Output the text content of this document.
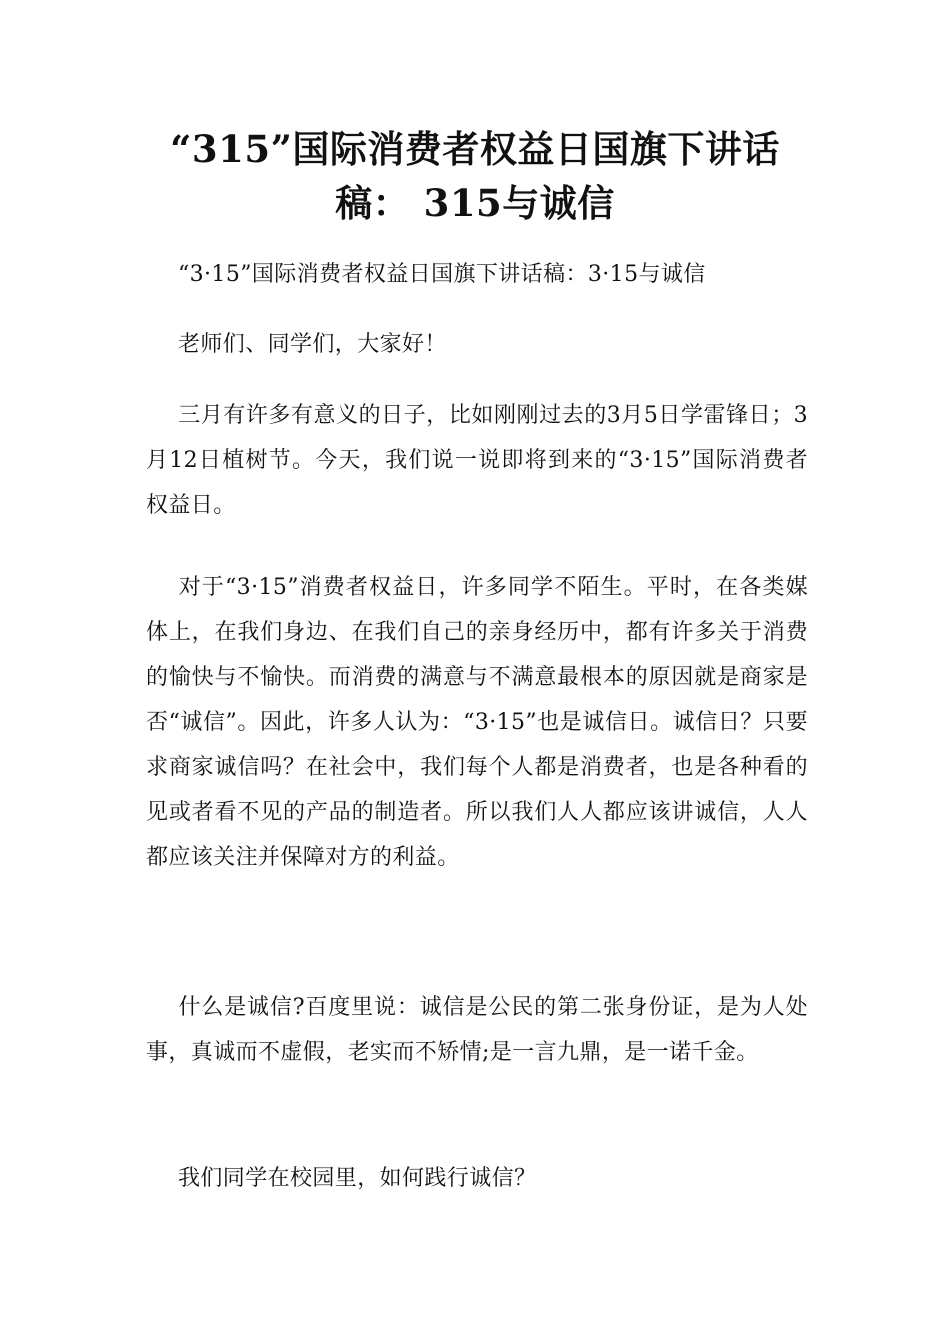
“315”国际消费者权益日国旗下讲话稿： 315与诚信
“3·15”国际消费者权益日国旗下讲话稿：3·15与诚信
老师们、同学们，大家好！
三月有许多有意义的日子，比如刚刚过去的3月5日学雷锋日；3月12日植树节。今天，我们说一说即将到来的“3·15”国际消费者权益日。
对于“3·15”消费者权益日，许多同学不陌生。平时，在各类媒体上，在我们身边、在我们自己的亲身经历中，都有许多关于消费的愉快与不愉快。而消费的满意与不满意最根本的原因就是商家是否“诚信”。因此，许多人认为：“3·15”也是诚信日。诚信日？只要求商家诚信吗？在社会中，我们每个人都是消费者，也是各种看的见或者看不见的产品的制造者。所以我们人人都应该讲诚信，人人都应该关注并保障对方的利益。
什么是诚信?百度里说：诚信是公民的第二张身份证，是为人处事，真诚而不虚假，老实而不矫情;是一言九鼎，是一诺千金。
我们同学在校园里，如何践行诚信？
